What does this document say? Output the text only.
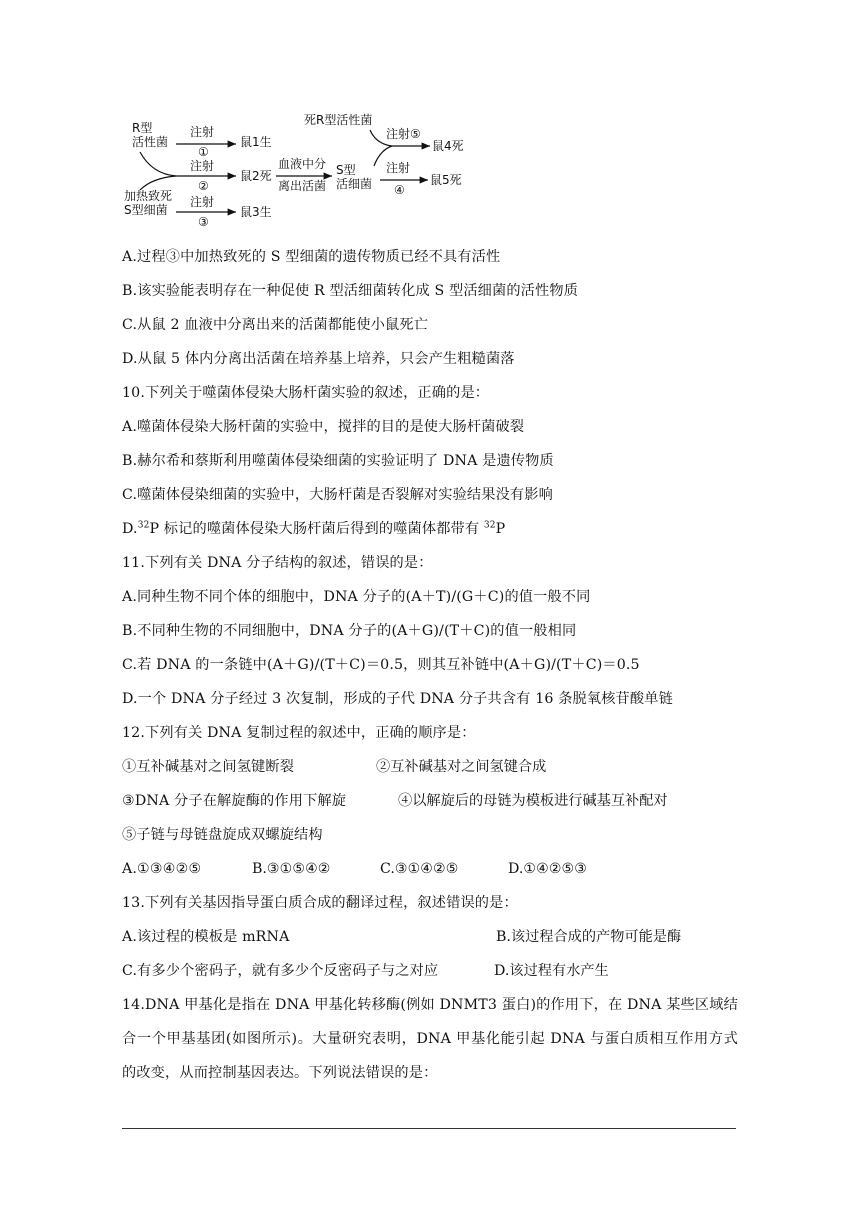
R型
活性菌
注射
①
鼠1生
注射
②
鼠2死
加热致死
S型细菌
注射
③
鼠3生
血液中分
离出活菌
S型
活细菌
死R型活性菌
注射⑤
鼠4死
注射
④
鼠5死
A.过程③中加热致死的 S 型细菌的遗传物质已经不具有活性
B.该实验能表明存在一种促使 R 型活细菌转化成 S 型活细菌的活性物质
C.从鼠 2 血液中分离出来的活菌都能使小鼠死亡
D.从鼠 5 体内分离出活菌在培养基上培养，只会产生粗糙菌落
10.下列关于噬菌体侵染大肠杆菌实验的叙述，正确的是：
A.噬菌体侵染大肠杆菌的实验中，搅拌的目的是使大肠杆菌破裂
B.赫尔希和蔡斯利用噬菌体侵染细菌的实验证明了 DNA 是遗传物质
C.噬菌体侵染细菌的实验中，大肠杆菌是否裂解对实验结果没有影响
D.$^{32}$P 标记的噬菌体侵染大肠杆菌后得到的噬菌体都带有 $^{32}$P
11.下列有关 DNA 分子结构的叙述，错误的是：
A.同种生物不同个体的细胞中，DNA 分子的(A＋T)/(G＋C)的值一般不同
B.不同种生物的不同细胞中，DNA 分子的(A＋G)/(T＋C)的值一般相同
C.若 DNA 的一条链中(A＋G)/(T＋C)＝0.5，则其互补链中(A＋G)/(T＋C)＝0.5
D.一个 DNA 分子经过 3 次复制，形成的子代 DNA 分子共含有 16 条脱氧核苷酸单链
12.下列有关 DNA 复制过程的叙述中，正确的顺序是：
①互补碱基对之间氢键断裂	②互补碱基对之间氢键合成
③DNA 分子在解旋酶的作用下解旋	④以解旋后的母链为模板进行碱基互补配对
⑤子链与母链盘旋成双螺旋结构
A.①③④②⑤	B.③①⑤④②	C.③①④②⑤	D.①④②⑤③
13.下列有关基因指导蛋白质合成的翻译过程，叙述错误的是：
A.该过程的模板是 mRNA	B.该过程合成的产物可能是酶
C.有多少个密码子，就有多少个反密码子与之对应	D.该过程有水产生
14.DNA 甲基化是指在 DNA 甲基化转移酶(例如 DNMT3 蛋白)的作用下，在 DNA 某些区域结
合一个甲基基团(如图所示)。大量研究表明，DNA 甲基化能引起 DNA 与蛋白质相互作用方式
的改变，从而控制基因表达。下列说法错误的是：
